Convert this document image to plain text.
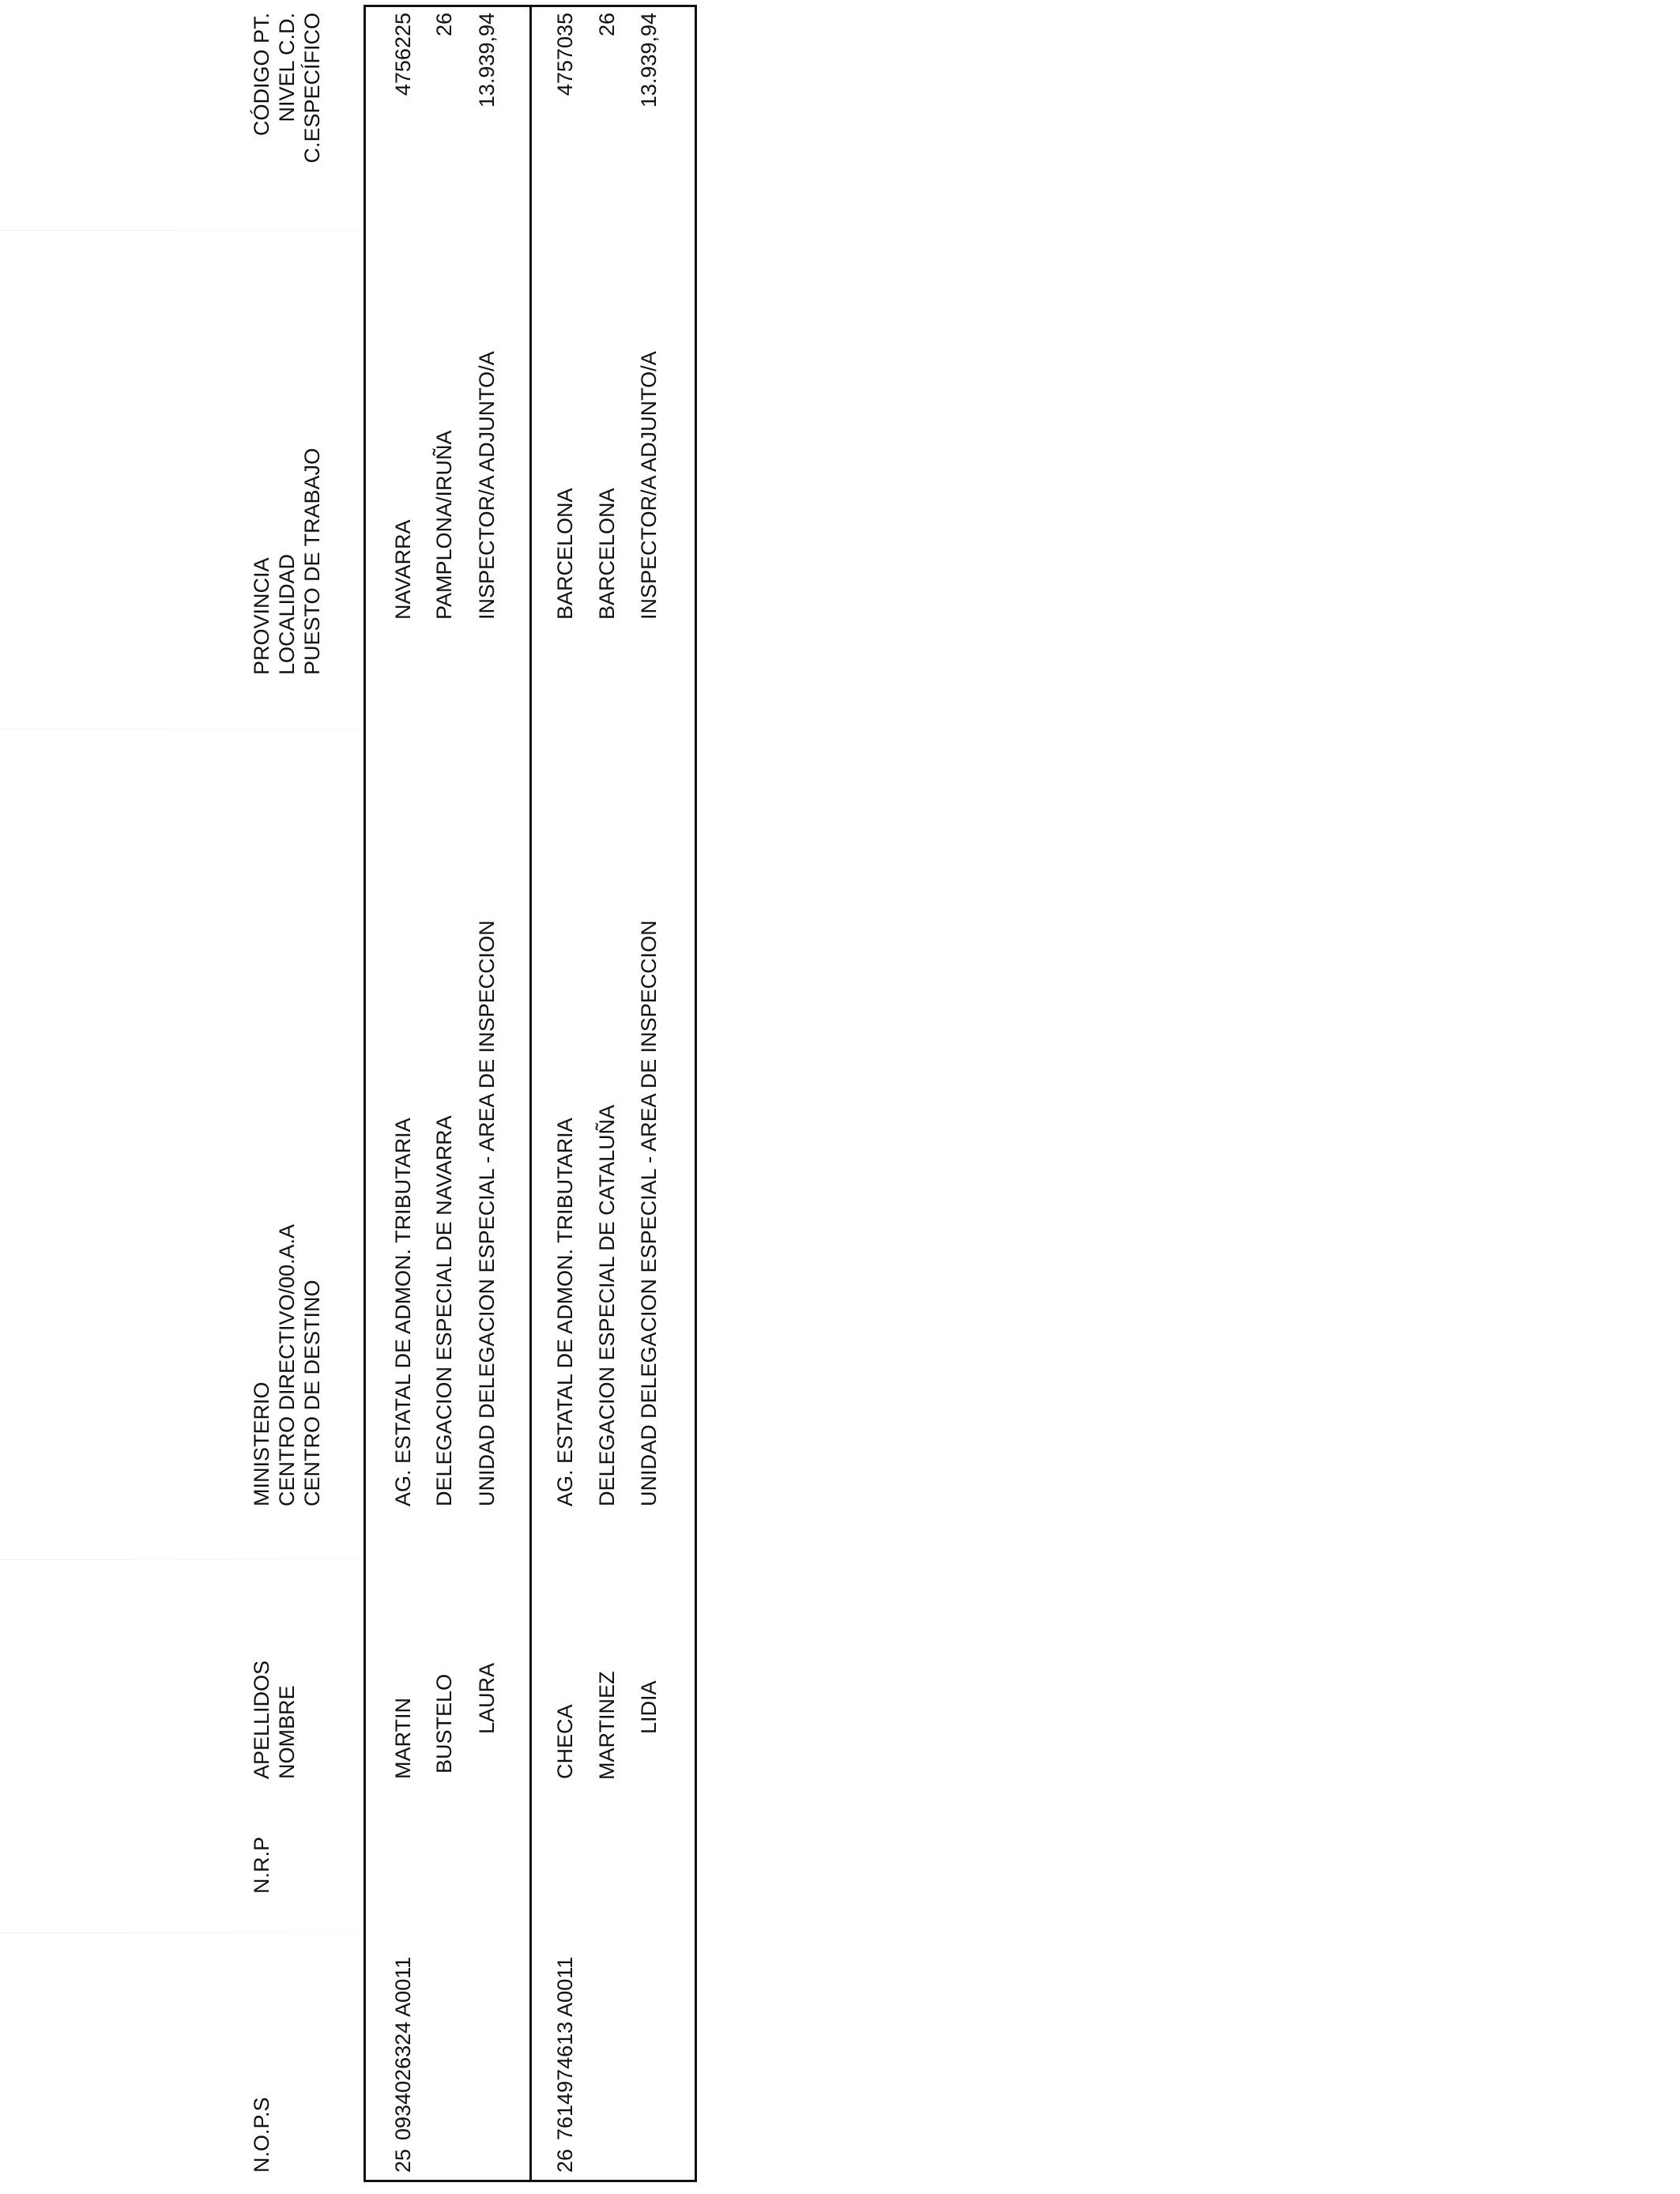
N.O.P.S
N.R.P
APELLIDOS NOMBRE
MINISTERIO CENTRO DIRECTIVO/00.A.A CENTRO DE DESTINO
PROVINCIA LOCALIDAD PUESTO DE TRABAJO
CÓDIGO PT. NIVEL C.D. C.ESPECÍFICO
25
0934026324 A0011
MARTIN BUSTELO LAURA
AG. ESTATAL DE ADMON. TRIBUTARIA DELEGACION ESPECIAL DE NAVARRA UNIDAD DELEGACION ESPECIAL - AREA DE INSPECCION
NAVARRA PAMPLONA/IRUÑA INSPECTOR/A ADJUNTO/A
4756225 26 13.939,94
26
7614974613 A0011
CHECA MARTINEZ LIDIA
AG. ESTATAL DE ADMON. TRIBUTARIA DELEGACION ESPECIAL DE CATALUÑA UNIDAD DELEGACION ESPECIAL - AREA DE INSPECCION
BARCELONA BARCELONA INSPECTOR/A ADJUNTO/A
4757035 26 13.939,94
